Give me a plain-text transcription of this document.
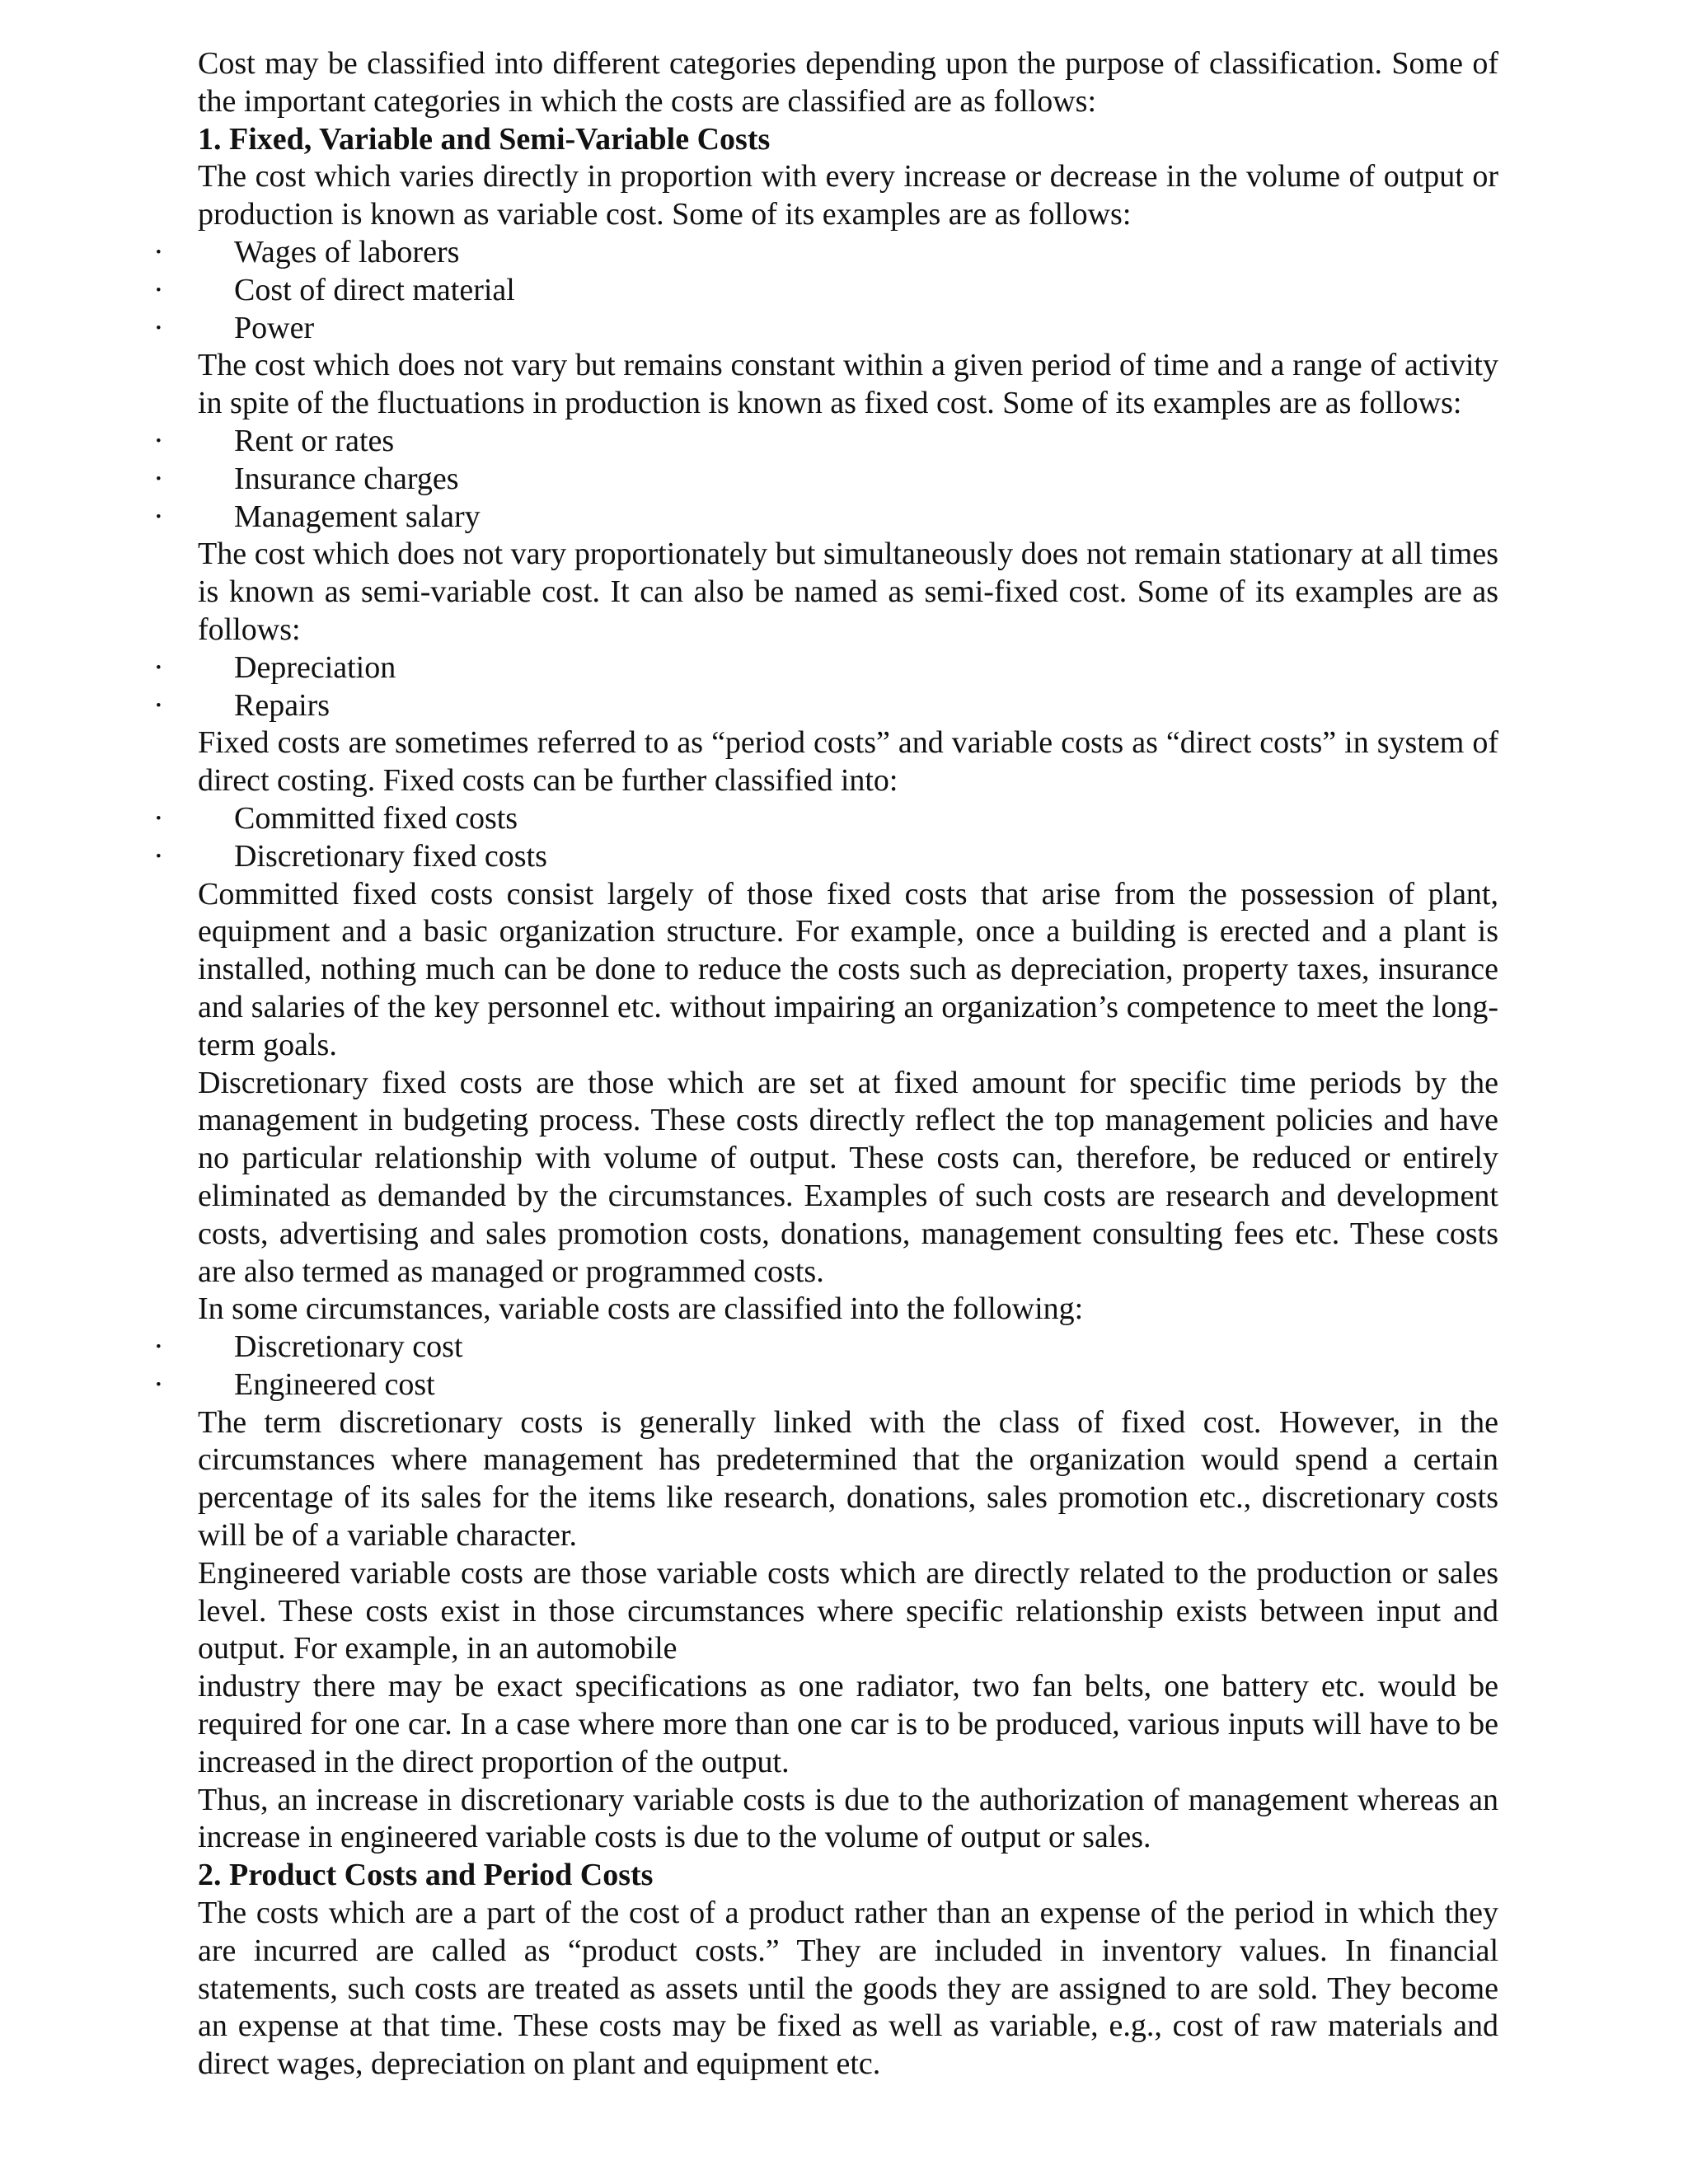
Cost may be classified into different categories depending upon the purpose of classification. Some of the important categories in which the costs are classified are as follows:

1. Fixed, Variable and Semi-Variable Costs

The cost which varies directly in proportion with every increase or decrease in the volume of output or production is known as variable cost. Some of its examples are as follows:

· Wages of laborers
· Cost of direct material
· Power

The cost which does not vary but remains constant within a given period of time and a range of activity in spite of the fluctuations in production is known as fixed cost. Some of its examples are as follows:

· Rent or rates
· Insurance charges
· Management salary

The cost which does not vary proportionately but simultaneously does not remain stationary at all times is known as semi-variable cost. It can also be named as semi-fixed cost. Some of its examples are as follows:

· Depreciation
· Repairs

Fixed costs are sometimes referred to as “period costs” and variable costs as “direct costs” in system of direct costing. Fixed costs can be further classified into:

· Committed fixed costs
· Discretionary fixed costs

Committed fixed costs consist largely of those fixed costs that arise from the possession of plant, equipment and a basic organization structure. For example, once a building is erected and a plant is installed, nothing much can be done to reduce the costs such as depreciation, property taxes, insurance and salaries of the key personnel etc. without impairing an organization’s competence to meet the long-term goals.

Discretionary fixed costs are those which are set at fixed amount for specific time periods by the management in budgeting process. These costs directly reflect the top management policies and have no particular relationship with volume of output. These costs can, therefore, be reduced or entirely eliminated as demanded by the circumstances. Examples of such costs are research and development costs, advertising and sales promotion costs, donations, management consulting fees etc. These costs are also termed as managed or programmed costs.

In some circumstances, variable costs are classified into the following:

· Discretionary cost
· Engineered cost

The term discretionary costs is generally linked with the class of fixed cost. However, in the circumstances where management has predetermined that the organization would spend a certain percentage of its sales for the items like research, donations, sales promotion etc., discretionary costs will be of a variable character.

Engineered variable costs are those variable costs which are directly related to the production or sales level. These costs exist in those circumstances where specific relationship exists between input and output. For example, in an automobile

industry there may be exact specifications as one radiator, two fan belts, one battery etc. would be required for one car. In a case where more than one car is to be produced, various inputs will have to be increased in the direct proportion of the output.

Thus, an increase in discretionary variable costs is due to the authorization of management whereas an increase in engineered variable costs is due to the volume of output or sales.

2. Product Costs and Period Costs

The costs which are a part of the cost of a product rather than an expense of the period in which they are incurred are called as “product costs.” They are included in inventory values. In financial statements, such costs are treated as assets until the goods they are assigned to are sold. They become an expense at that time. These costs may be fixed as well as variable, e.g., cost of raw materials and direct wages, depreciation on plant and equipment etc.
